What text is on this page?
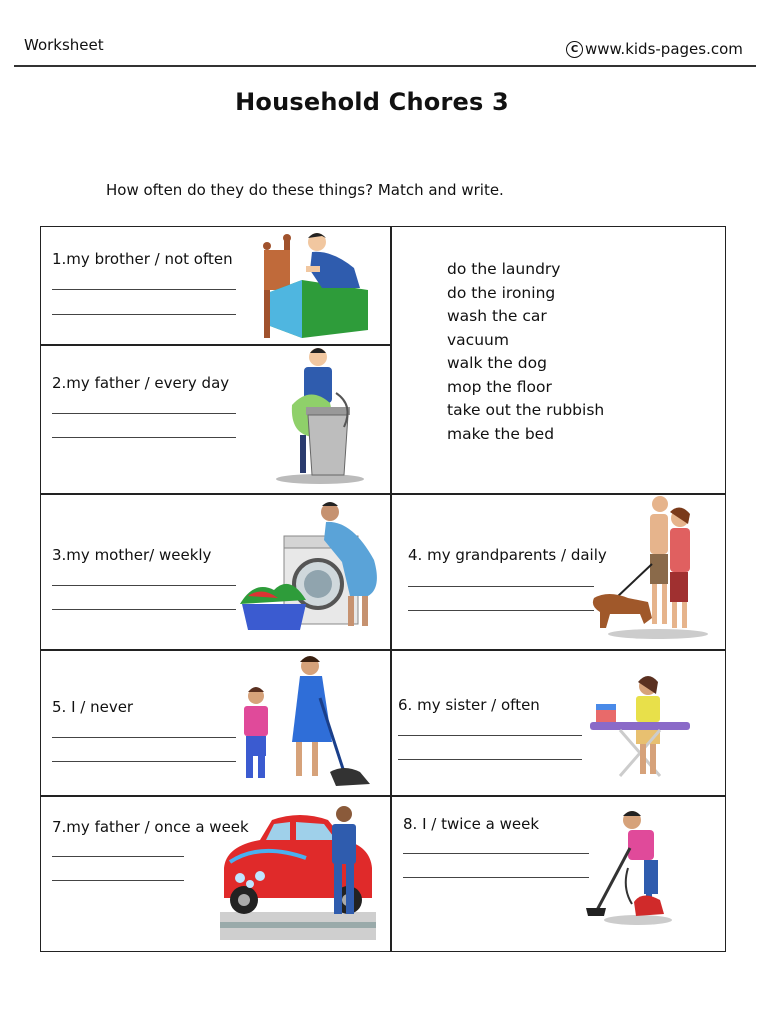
Worksheet	C www.kids-pages.com
Household Chores 3
How often do they do these things? Match and write.
do the laundry
do the ironing
wash the car
vacuum
walk the dog
mop the floor
take out the rubbish
make the bed
1.my brother / not often
2.my father / every day
3.my mother/ weekly	4. my grandparents / daily
5. I / never	6. my sister / often
7.my father / once a week	8. I / twice a week
